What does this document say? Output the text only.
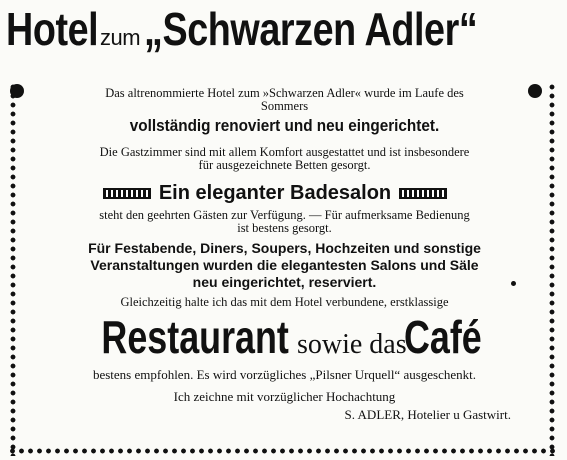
Hotel zum „Schwarzen Adler“
Das altrenommierte Hotel zum »Schwarzen Adler« wurde im Laufe des
Sommers
vollständig renoviert und neu eingerichtet.
Die Gastzimmer sind mit allem Komfort ausgestattet und ist insbesondere
für ausgezeichnete Betten gesorgt.
steht den geehrten Gästen zur Verfügung. — Für aufmerksame Bedienung
ist bestens gesorgt.
Für Festabende, Diners, Soupers, Hochzeiten und sonstige
Veranstaltungen wurden die elegantesten Salons und Säle
neu eingerichtet, reserviert.
Gleichzeitig halte ich das mit dem Hotel verbundene, erstklassige
bestens empfohlen. Es wird vorzügliches „Pilsner Urquell“ ausgeschenkt.
Ich zeichne mit vorzüglicher Hochachtung
Ein eleganter Badesalon
Restaurant sowie das
Café
S. ADLER, Hotelier u Gastwirt.
